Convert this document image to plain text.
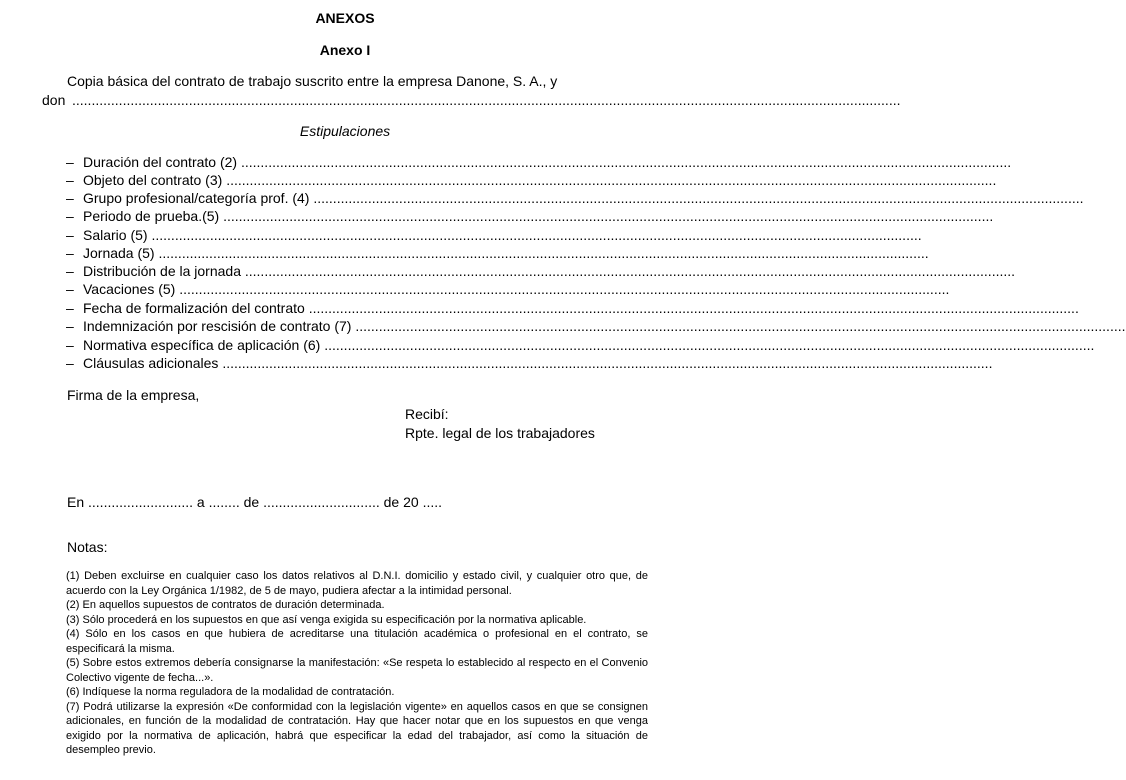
ANEXOS
Anexo I
Copia básica del contrato de trabajo suscrito entre la empresa Danone, S. A., y
don .....................................................................................................................................................................................................................
Estipulaciones
– Duración del contrato (2) ......................................................................................................................................................................................................
– Objeto del contrato (3) ......................................................................................................................................................................................................
– Grupo profesional/categoría prof. (4) ......................................................................................................................................................................................................
– Periodo de prueba.(5) ......................................................................................................................................................................................................
– Salario (5) ......................................................................................................................................................................................................
– Jornada (5) ......................................................................................................................................................................................................
– Distribución de la jornada ......................................................................................................................................................................................................
– Vacaciones (5) ......................................................................................................................................................................................................
– Fecha de formalización del contrato ......................................................................................................................................................................................................
– Indemnización por rescisión de contrato (7) ......................................................................................................................................................................................................
– Normativa específica de aplicación (6) ......................................................................................................................................................................................................
– Cláusulas adicionales ......................................................................................................................................................................................................
Firma de la empresa,
Recibí:
Rpte. legal de los trabajadores
En ........................... a ........ de .............................. de 20 .....
Notas:

(1) Deben excluirse en cualquier caso los datos relativos al D.N.I. domicilio y estado civil, y cualquier otro que, de acuerdo con la Ley Orgánica 1/1982, de 5 de mayo, pudiera afectar a la intimidad personal.

(2) En aquellos supuestos de contratos de duración determinada.

(3) Sólo procederá en los supuestos en que así venga exigida su especificación por la normativa aplicable.

(4) Sólo en los casos en que hubiera de acreditarse una titulación académica o profesional en el contrato, se especificará la misma.

(5) Sobre estos extremos debería consignarse la manifestación: «Se respeta lo establecido al respecto en el Convenio Colectivo vigente de fecha...».

(6) Indíquese la norma reguladora de la modalidad de contratación.

(7) Podrá utilizarse la expresión «De conformidad con la legislación vigente» en aquellos casos en que se consignen adicionales, en función de la modalidad de contratación. Hay que hacer notar que en los supuestos en que venga exigido por la normativa de aplicación, habrá que especificar la edad del trabajador, así como la situación de desempleo previo.
